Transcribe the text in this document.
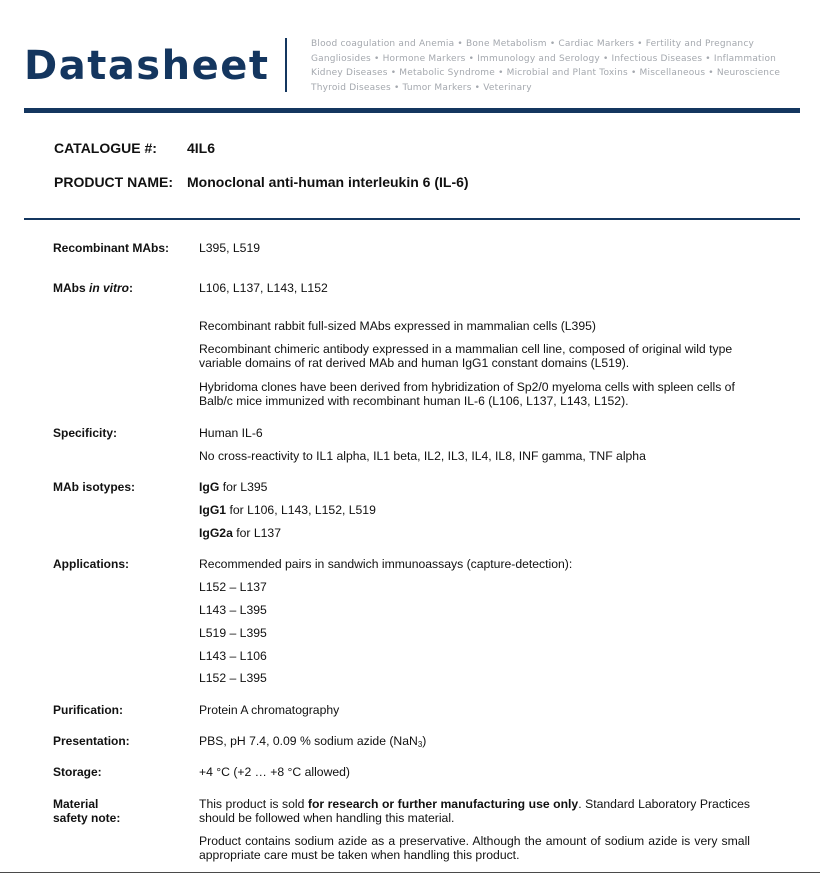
Datasheet	Blood coagulation and Anemia • Bone Metabolism • Cardiac Markers • Fertility and Pregnancy Gangliosides • Hormone Markers • Immunology and Serology • Infectious Diseases • Inflammation Kidney Diseases • Metabolic Syndrome • Microbial and Plant Toxins • Miscellaneous • Neuroscience Thyroid Diseases • Tumor Markers • Veterinary
CATALOGUE #: 4IL6
PRODUCT NAME: Monoclonal anti-human interleukin 6 (IL-6)
Recombinant MAbs: L395, L519
MAbs in vitro:	L106, L137, L143, L152
Recombinant rabbit full-sized MAbs expressed in mammalian cells (L395)
Recombinant chimeric antibody expressed in a mammalian cell line, composed of original wild type variable domains of rat derived MAb and human IgG1 constant domains (L519).
Hybridoma clones have been derived from hybridization of Sp2/0 myeloma cells with spleen cells of Balb/c mice immunized with recombinant human IL-6 (L106, L137, L143, L152).
Specificity:	Human IL-6
No cross-reactivity to IL1 alpha, IL1 beta, IL2, IL3, IL4, IL8, INF gamma, TNF alpha
MAb isotypes:	IgG for L395
IgG1 for L106, L143, L152, L519
IgG2a for L137
Applications:	Recommended pairs in sandwich immunoassays (capture-detection):
L152 – L137
L143 – L395
L519 – L395
L143 – L106
L152 – L395
Purification:	Protein A chromatography
Presentation:	PBS, pH 7.4, 0.09 % sodium azide (NaN$_3$)
Storage:	+4 °C (+2 … +8 °C allowed)
Material
safety note:
This product is sold for research or further manufacturing use only. Standard Laboratory Practices should be followed when handling this material.
Product contains sodium azide as a preservative. Although the amount of sodium azide is very small appropriate care must be taken when handling this product.
